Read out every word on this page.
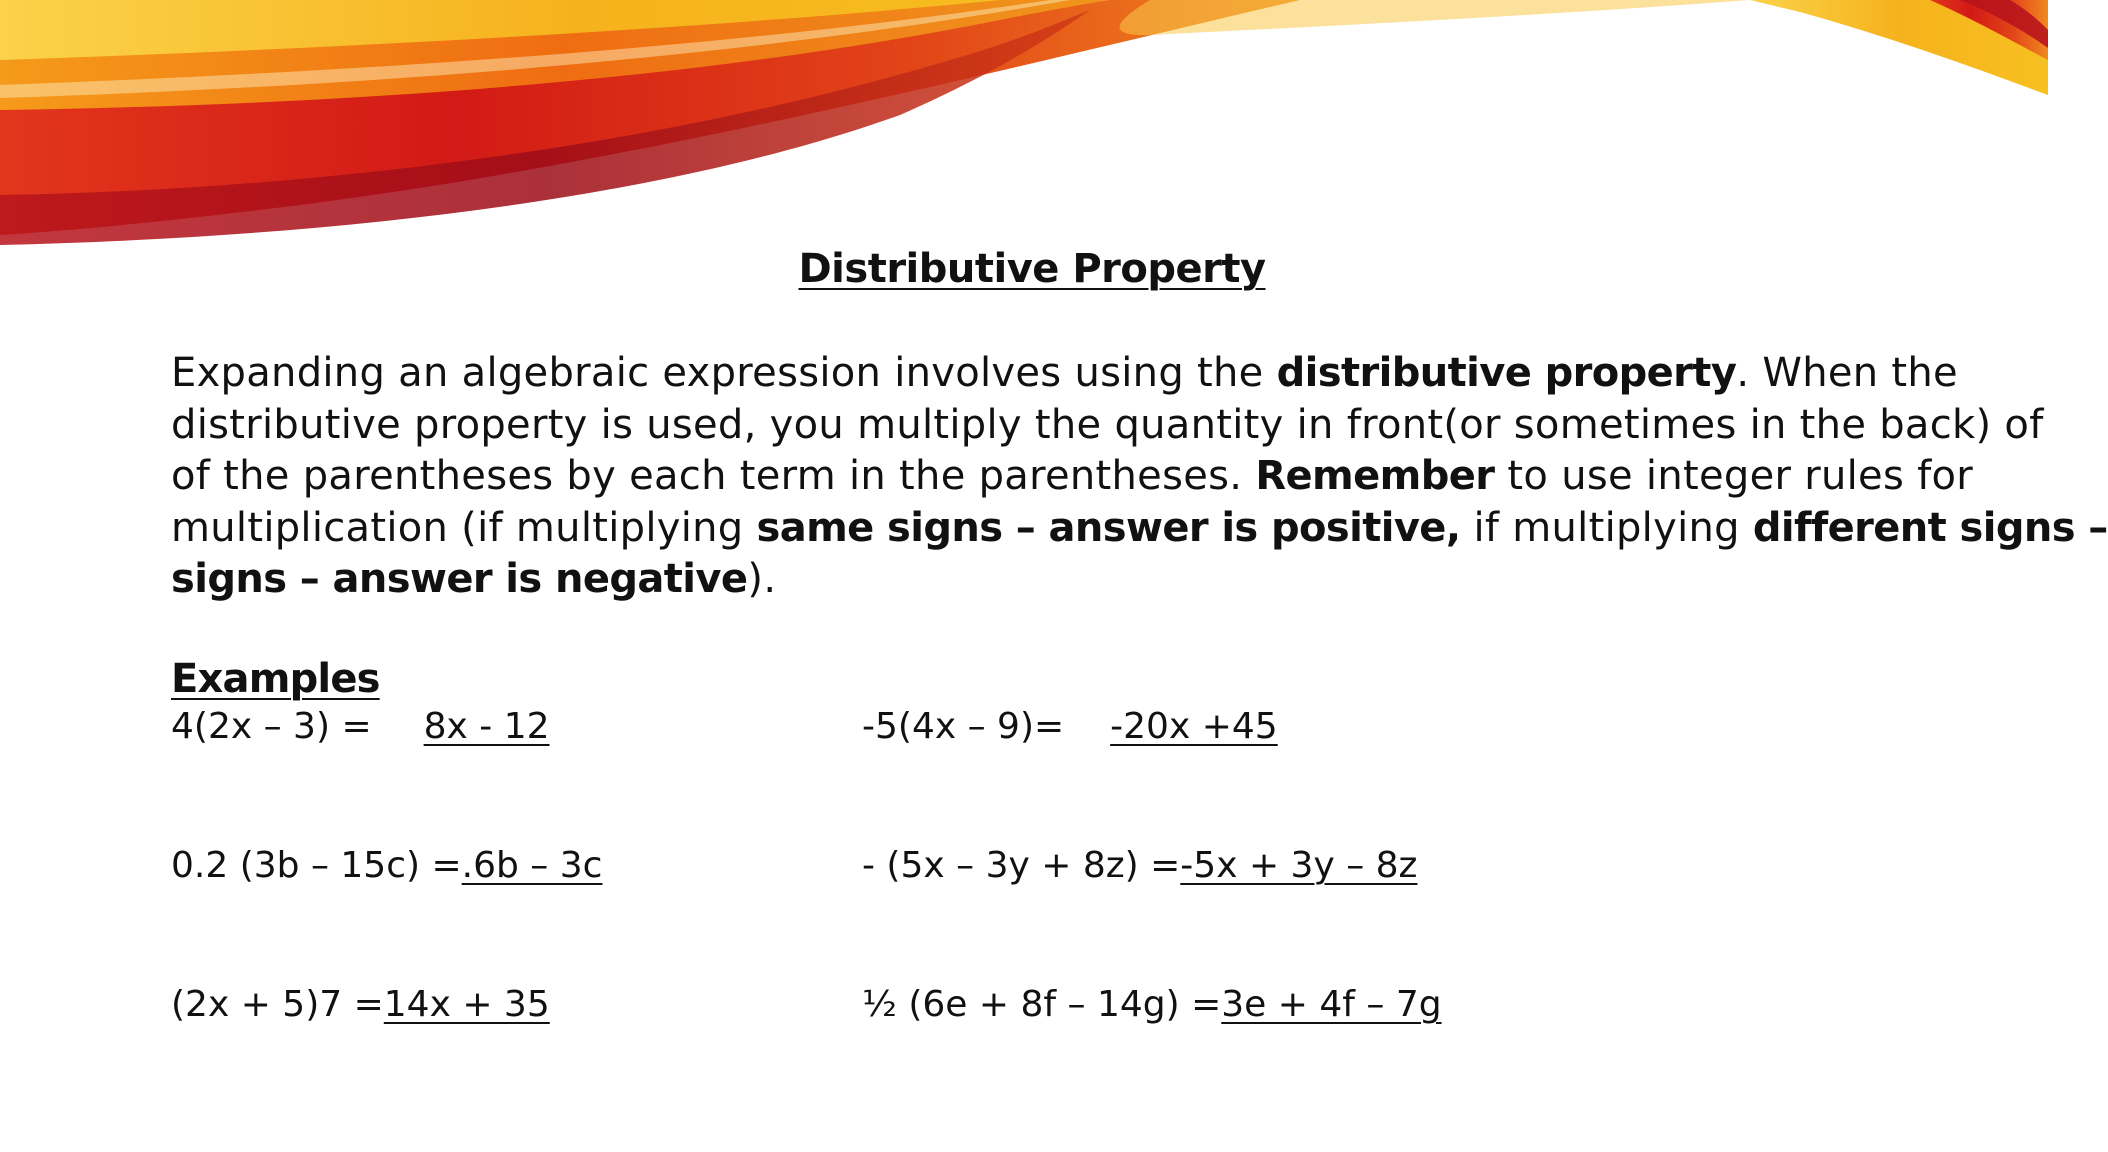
Distributive Property
Expanding an algebraic expression involves using the distributive property. When the
distributive property is used, you multiply the quantity in front(or sometimes in the back) of
of the parentheses by each term in the parentheses. Remember to use integer rules for
multiplication (if multiplying same signs – answer is positive, if multiplying different signs –
signs – answer is negative).
Examples
4(2x – 3) = 8x - 12	-5(4x – 9)= -20x +45
0.2 (3b – 15c) =.6b – 3c	- (5x – 3y + 8z) =-5x + 3y – 8z
(2x + 5)7 =14x + 35	½ (6e + 8f – 14g) =3e + 4f – 7g
